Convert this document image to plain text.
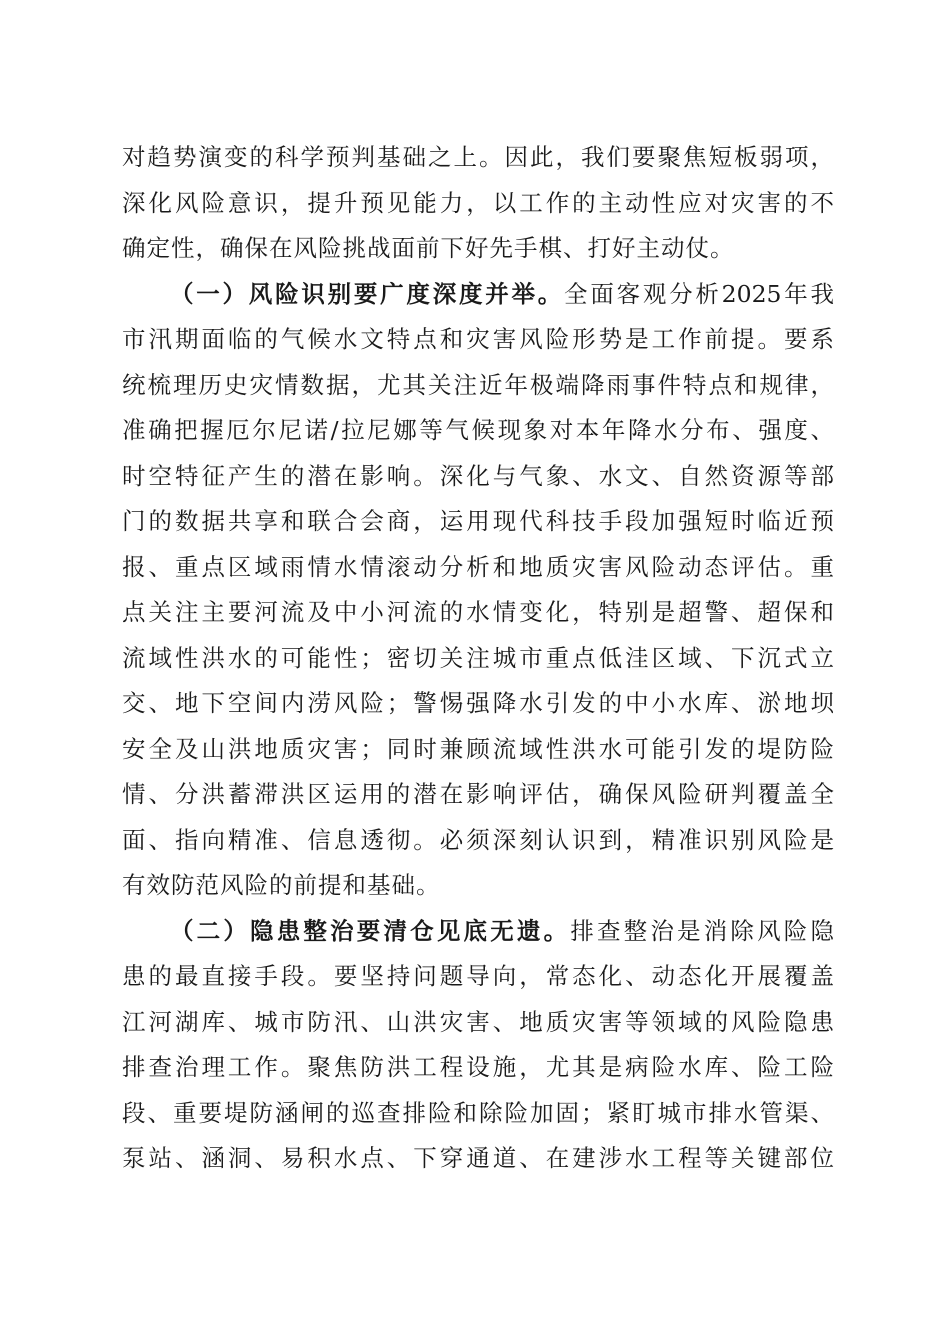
对趋势演变的科学预判基础之上。因此，我们要聚焦短板弱项，
深化风险意识，提升预见能力，以工作的主动性应对灾害的不
确定性，确保在风险挑战面前下好先手棋、打好主动仗。
（一）风险识别要广度深度并举。全面客观分析2025年我
市汛期面临的气候水文特点和灾害风险形势是工作前提。要系
统梳理历史灾情数据，尤其关注近年极端降雨事件特点和规律，
准确把握厄尔尼诺/拉尼娜等气候现象对本年降水分布、强度、
时空特征产生的潜在影响。深化与气象、水文、自然资源等部
门的数据共享和联合会商，运用现代科技手段加强短时临近预
报、重点区域雨情水情滚动分析和地质灾害风险动态评估。重
点关注主要河流及中小河流的水情变化，特别是超警、超保和
流域性洪水的可能性；密切关注城市重点低洼区域、下沉式立
交、地下空间内涝风险；警惕强降水引发的中小水库、淤地坝
安全及山洪地质灾害；同时兼顾流域性洪水可能引发的堤防险
情、分洪蓄滞洪区运用的潜在影响评估，确保风险研判覆盖全
面、指向精准、信息透彻。必须深刻认识到，精准识别风险是
有效防范风险的前提和基础。
（二）隐患整治要清仓见底无遗。排查整治是消除风险隐
患的最直接手段。要坚持问题导向，常态化、动态化开展覆盖
江河湖库、城市防汛、山洪灾害、地质灾害等领域的风险隐患
排查治理工作。聚焦防洪工程设施，尤其是病险水库、险工险
段、重要堤防涵闸的巡查排险和除险加固；紧盯城市排水管渠、
泵站、涵洞、易积水点、下穿通道、在建涉水工程等关键部位
